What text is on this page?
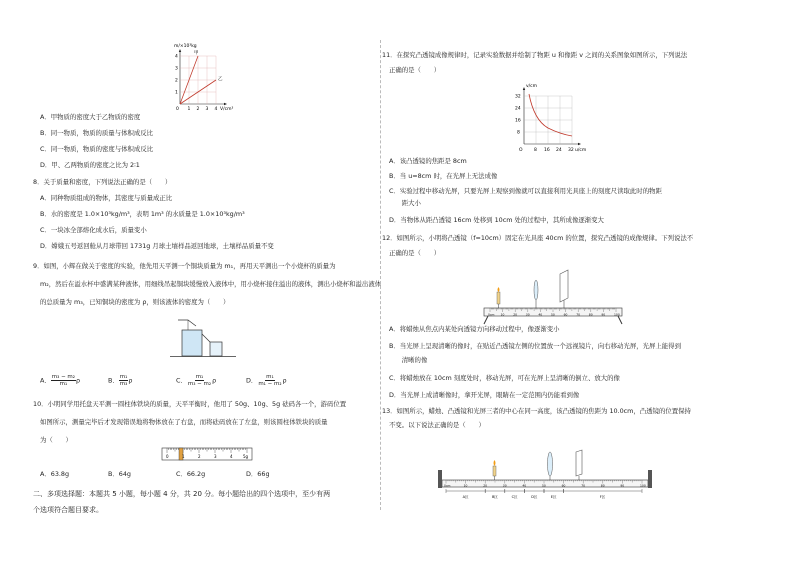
m/×10³kg
甲
乙
1
2
3
4
0 1 2 3 4 V/cm³
A．甲物质的密度大于乙物质的密度
B．同一物质，物质的质量与体积成反比
C．同一物质，物质的密度与体积成反比
D．甲、乙两物质的密度之比为 2∶1
8．关于质量和密度，下列说法正确的是（　　）
A．同种物质组成的物体，其密度与质量成正比
B．水的密度是 1.0×10³kg/m³，表明 1m³ 的水质量是 1.0×10³kg/m³
C．一块冰全部熔化成水后，质量变小
D．嫦娥五号返回舱从月球带回 1731g 月球土壤样品返回地球，土壤样品质量不变
9．如图，小辉在做关于密度的实验，他先用天平测一个铜块质量为 m₁，再用天平测出一个小烧杯的质量为
m₂，然后在溢水杯中盛满某种液体，用细线吊起铜块缓慢放入液体中，用小烧杯接住溢出的液体，测出小烧杯和溢出液体
的总质量为 m₃，已知铜块的密度为 ρ，则该液体的密度为（　　）
A． $\frac{\text{m₃ − m₂}}{\text{m₁}}$ ρ	B． $\frac{\text{m₁}}{\text{m₃}}$ ρ	C． $\frac{\text{m₁}}{\text{m₃ − m₂}}$ ρ	D． $\frac{\text{m₁}}{\text{m₁ − m₂}}$ ρ
10．小明同学用托盘天平测一圆柱体铁块的质量，天平平衡时，他用了 50g、10g、5g 砝码各一个，游码位置
如图所示，测量完毕后才发现错误地将物体放在了右盘，而将砝码放在了左盘，则该圆柱体铁块的质量
为（　　）
0	1	2	3	4	5g
A．63.8g	B．64g	C．66.2g	D．66g
二、多项选择题：本题共 5 小题，每小题 4 分，共 20 分。每小题给出的四个选项中，至少有两
个选项符合题目要求。
11．在探究凸透镜成像规律时，记录实验数据并绘制了物距 u 和像距 v 之间的关系图象如图所示，下列说法
正确的是（　　）
v/cm
8
16
24
32
O	8 16 24 32 u/cm
A．该凸透镜的焦距是 8cm
B．当 u=8cm 时，在光屏上无法成像
C．实验过程中移动光屏，只要光屏上观察到像就可以直接利用光具座上的刻度尺读取此时的物距
　　距大小
D．当物体从距凸透镜 16cm 处移到 10cm 处的过程中，其所成像逐渐变大
12．如图所示，小明将凸透镜（f=10cm）固定在光具座 40cm 的位置，探究凸透镜的成像规律。下列说法不
正确的是（　　）
0cm 10	20	30	40	50	60	70	80	90	100
A．将蜡烛从焦点内某处向透镜方向移动过程中，像逐渐变小
B．当光屏上呈现清晰的像时，在贴近凸透镜左侧的位置放一个远视镜片，向右移动光屏，光屏上能得到
　　清晰的像
C．将蜡烛放在 10cm 刻度处时，移动光屏，可在光屏上呈清晰的倒立、放大的像
D．当光屏上成清晰像时，拿开光屏，眼睛在一定范围内仍能看到像
13．如图所示，蜡烛、凸透镜和光屏三者的中心在同一高度，该凸透镜的焦距为 10.0cm，凸透镜的位置保持
不变。以下说法正确的是（　　）
0cm	10	20	30	40	50	60	70	80	90	100
A区	B区	C区	D区	E区	F区
